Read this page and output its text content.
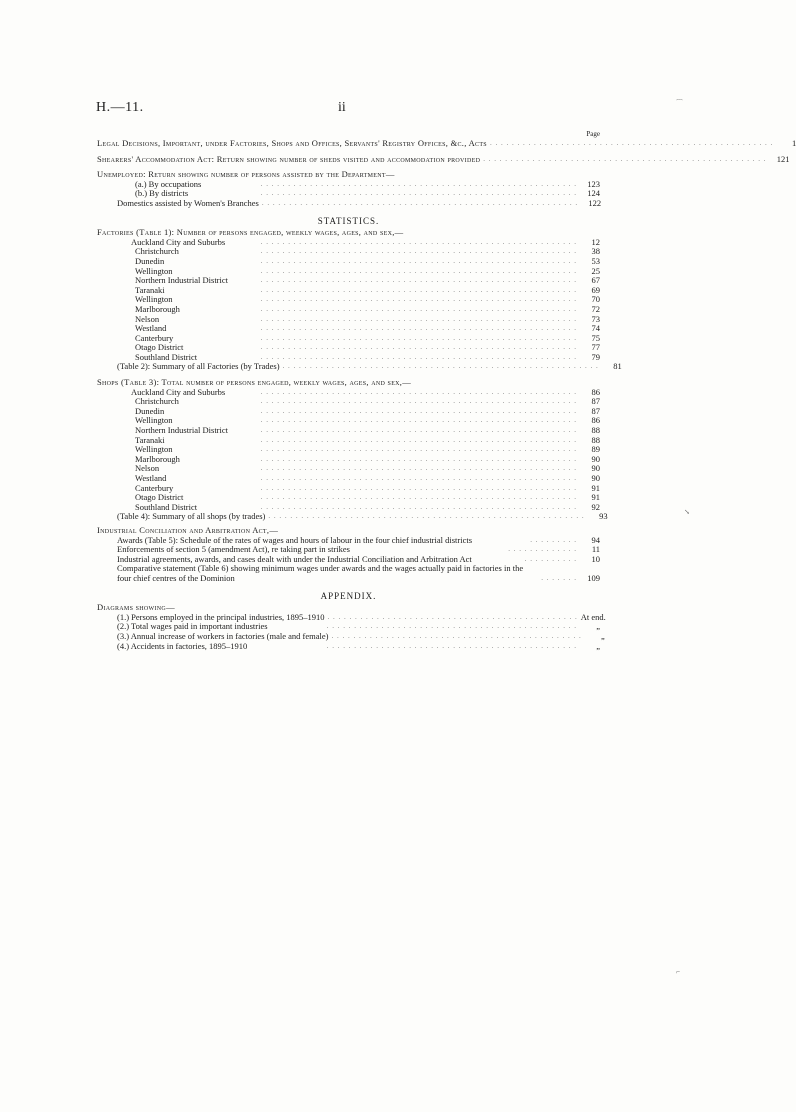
H.—11.	ii
Page
Legal Decisions, Important, under Factories, Shops and Offices, Servants' Registry Offices, &c., Acts . . . . . . . . . . . . . . . . . . . . . . . . . . . . . . . . . . . . . . . . . . . . . . . . . . . .	1
Shearers' Accommodation Act: Return showing number of sheds visited and accommodation provided . . . . . . . . . . . . . . . . . . . . . . . . . . . . . . . . . . . . . . . . . . . . . . . . . . . .	121
Unemployed: Return showing number of persons assisted by the Department—
(a.) By occupations	. . . . . . . . . . . . . . . . . . . . . . . . . . . . . . . . . . . . . . . . . . . . . . . . . . . . . . . . . .	123
(b.) By districts	. . . . . . . . . . . . . . . . . . . . . . . . . . . . . . . . . . . . . . . . . . . . . . . . . . . . . . . . . .	124
Domestics assisted by Women's Branches . . . . . . . . . . . . . . . . . . . . . . . . . . . . . . . . . . . . . . . . . . . . . . . . . . . . . . . . . .	122
STATISTICS.
Factories (Table 1): Number of persons engaged, weekly wages, ages, and sex,—
Auckland City and Suburbs	. . . . . . . . . . . . . . . . . . . . . . . . . . . . . . . . . . . . . . . . . . . . . . . . . . . . . . . . . .	12
Christchurch	. . . . . . . . . . . . . . . . . . . . . . . . . . . . . . . . . . . . . . . . . . . . . . . . . . . . . . . . . .	38
Dunedin	. . . . . . . . . . . . . . . . . . . . . . . . . . . . . . . . . . . . . . . . . . . . . . . . . . . . . . . . . .	53
Wellington	. . . . . . . . . . . . . . . . . . . . . . . . . . . . . . . . . . . . . . . . . . . . . . . . . . . . . . . . . .	25
Northern Industrial District	. . . . . . . . . . . . . . . . . . . . . . . . . . . . . . . . . . . . . . . . . . . . . . . . . . . . . . . . . .	67
Taranaki	. . . . . . . . . . . . . . . . . . . . . . . . . . . . . . . . . . . . . . . . . . . . . . . . . . . . . . . . . .	69
Wellington	. . . . . . . . . . . . . . . . . . . . . . . . . . . . . . . . . . . . . . . . . . . . . . . . . . . . . . . . . .	70
Marlborough	. . . . . . . . . . . . . . . . . . . . . . . . . . . . . . . . . . . . . . . . . . . . . . . . . . . . . . . . . .	72
Nelson	. . . . . . . . . . . . . . . . . . . . . . . . . . . . . . . . . . . . . . . . . . . . . . . . . . . . . . . . . .	73
Westland	. . . . . . . . . . . . . . . . . . . . . . . . . . . . . . . . . . . . . . . . . . . . . . . . . . . . . . . . . .	74
Canterbury	. . . . . . . . . . . . . . . . . . . . . . . . . . . . . . . . . . . . . . . . . . . . . . . . . . . . . . . . . .	75
Otago District	. . . . . . . . . . . . . . . . . . . . . . . . . . . . . . . . . . . . . . . . . . . . . . . . . . . . . . . . . .	77
Southland District	. . . . . . . . . . . . . . . . . . . . . . . . . . . . . . . . . . . . . . . . . . . . . . . . . . . . . . . . . .	79
(Table 2): Summary of all Factories (by Trades) . . . . . . . . . . . . . . . . . . . . . . . . . . . . . . . . . . . . . . . . . . . . . . . . . . . . . . . . . .	81
Shops (Table 3): Total number of persons engaged, weekly wages, ages, and sex,—
Auckland City and Suburbs	. . . . . . . . . . . . . . . . . . . . . . . . . . . . . . . . . . . . . . . . . . . . . . . . . . . . . . . . . .	86
Christchurch	. . . . . . . . . . . . . . . . . . . . . . . . . . . . . . . . . . . . . . . . . . . . . . . . . . . . . . . . . .	87
Dunedin	. . . . . . . . . . . . . . . . . . . . . . . . . . . . . . . . . . . . . . . . . . . . . . . . . . . . . . . . . .	87
Wellington	. . . . . . . . . . . . . . . . . . . . . . . . . . . . . . . . . . . . . . . . . . . . . . . . . . . . . . . . . .	86
Northern Industrial District	. . . . . . . . . . . . . . . . . . . . . . . . . . . . . . . . . . . . . . . . . . . . . . . . . . . . . . . . . .	88
Taranaki	. . . . . . . . . . . . . . . . . . . . . . . . . . . . . . . . . . . . . . . . . . . . . . . . . . . . . . . . . .	88
Wellington	. . . . . . . . . . . . . . . . . . . . . . . . . . . . . . . . . . . . . . . . . . . . . . . . . . . . . . . . . .	89
Marlborough	. . . . . . . . . . . . . . . . . . . . . . . . . . . . . . . . . . . . . . . . . . . . . . . . . . . . . . . . . .	90
Nelson	. . . . . . . . . . . . . . . . . . . . . . . . . . . . . . . . . . . . . . . . . . . . . . . . . . . . . . . . . .	90
Westland	. . . . . . . . . . . . . . . . . . . . . . . . . . . . . . . . . . . . . . . . . . . . . . . . . . . . . . . . . .	90
Canterbury	. . . . . . . . . . . . . . . . . . . . . . . . . . . . . . . . . . . . . . . . . . . . . . . . . . . . . . . . . .	91
Otago District	. . . . . . . . . . . . . . . . . . . . . . . . . . . . . . . . . . . . . . . . . . . . . . . . . . . . . . . . . .	91
Southland District	. . . . . . . . . . . . . . . . . . . . . . . . . . . . . . . . . . . . . . . . . . . . . . . . . . . . . . . . . .	92
(Table 4): Summary of all shops (by trades) . . . . . . . . . . . . . . . . . . . . . . . . . . . . . . . . . . . . . . . . . . . . . . . . . . . . . . . . . .	93
Industrial Conciliation and Arbitration Act,—
Awards (Table 5): Schedule of the rates of wages and hours of labour in the four chief industrial districts	. . . . . . . . .	94
Enforcements of section 5 (amendment Act), re taking part in strikes	. . . . . . . . . . . . .	11
Industrial agreements, awards, and cases dealt with under the Industrial Conciliation and Arbitration Act	. . . . . . . . . .	10
Comparative statement (Table 6) showing minimum wages under awards and the wages actually paid in factories in the four chief centres of the Dominion	. . . . . . .	109
APPENDIX.
Diagrams showing—
(1.) Persons employed in the principal industries, 1895–1910 . . . . . . . . . . . . . . . . . . . . . . . . . . . . . . . . . . . . . . . . . . . . . . At end.
(2.) Total wages paid in important industries	. . . . . . . . . . . . . . . . . . . . . . . . . . . . . . . . . . . . . . . . . . . . . .	„
(3.) Annual increase of workers in factories (male and female) . . . . . . . . . . . . . . . . . . . . . . . . . . . . . . . . . . . . . . . . . . . . . .	„
(4.) Accidents in factories, 1895–1910	. . . . . . . . . . . . . . . . . . . . . . . . . . . . . . . . . . . . . . . . . . . . . .	„
⌒
↘
⌐
